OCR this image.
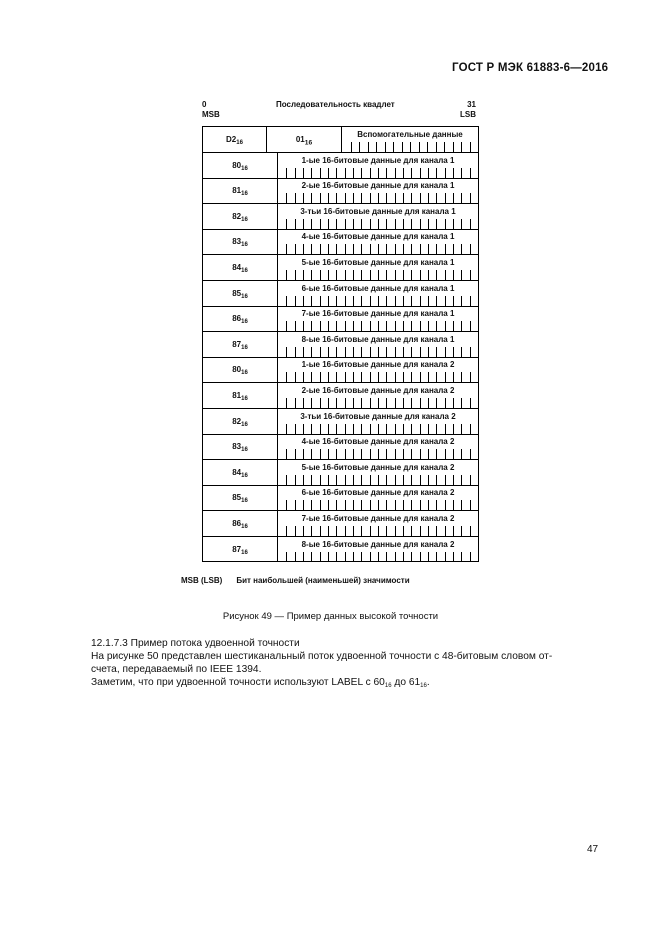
ГОСТ Р МЭК 61883-6—2016
0
MSB
Последовательность квадлет	31
LSB
$D2_{16}$	$01_{16}$
Вспомогательные данные
$80_{16}$
1-ые 16-битовые данные для канала 1
$81_{16}$
2-ые 16-битовые данные для канала 1
$82_{16}$
3-тьи 16-битовые данные для канала 1
$83_{16}$
4-ые 16-битовые данные для канала 1
$84_{16}$
5-ые 16-битовые данные для канала 1
$85_{16}$
6-ые 16-битовые данные для канала 1
$86_{16}$
7-ые 16-битовые данные для канала 1
$87_{16}$
8-ые 16-битовые данные для канала 1
$80_{16}$
1-ые 16-битовые данные для канала 2
$81_{16}$
2-ые 16-битовые данные для канала 2
$82_{16}$
3-тьи 16-битовые данные для канала 2
$83_{16}$
4-ые 16-битовые данные для канала 2
$84_{16}$
5-ые 16-битовые данные для канала 2
$85_{16}$
6-ые 16-битовые данные для канала 2
$86_{16}$
7-ые 16-битовые данные для канала 2
$87_{16}$
8-ые 16-битовые данные для канала 2
MSB (LSB) Бит наибольшей (наименьшей) значимости
Рисунок 49 — Пример данных высокой точности
12.1.7.3 Пример потока удвоенной точности
На рисунке 50 представлен шестиканальный поток удвоенной точности с 48-битовым словом от-
счета, передаваемый по IEEE 1394.
Заметим, что при удвоенной точности используют LABEL с $60_{16}$ до $61_{16}$.
47
